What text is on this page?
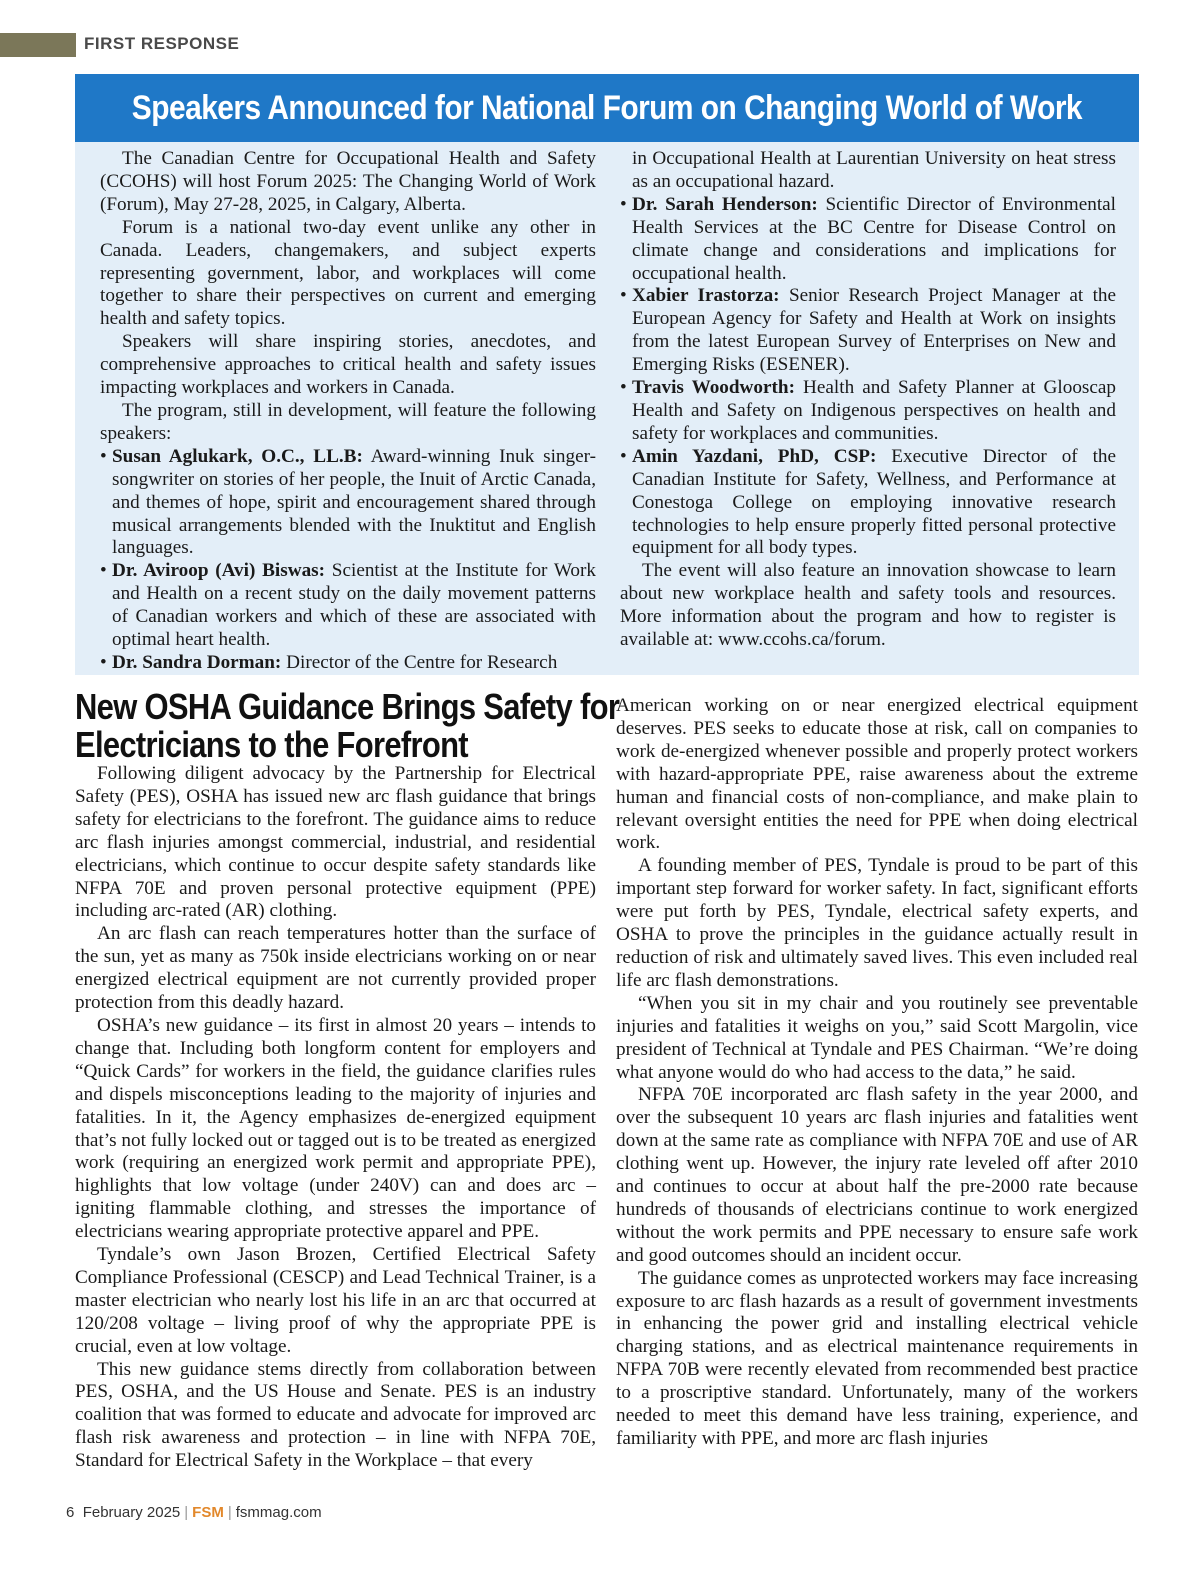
FIRST RESPONSE
Speakers Announced for National Forum on Changing World of Work

The Canadian Centre for Occupational Health and Safety (CCOHS) will host Forum 2025: The Changing World of Work (Forum), May 27-28, 2025, in Calgary, Alberta.

Forum is a national two-day event unlike any other in Canada. Leaders, changemakers, and subject experts representing government, labor, and workplaces will come together to share their perspectives on current and emerging health and safety topics.

Speakers will share inspiring stories, anecdotes, and comprehensive approaches to critical health and safety issues impacting workplaces and workers in Canada.

The program, still in development, will feature the following speakers:

• Susan Aglukark, O.C., LL.B: Award-winning Inuk singer-songwriter on stories of her people, the Inuit of Arctic Canada, and themes of hope, spirit and encouragement shared through musical arrangements blended with the Inuktitut and English languages.
• Dr. Aviroop (Avi) Biswas: Scientist at the Institute for Work and Health on a recent study on the daily movement patterns of Canadian workers and which of these are associated with optimal heart health.
• Dr. Sandra Dorman: Director of the Centre for Research
in Occupational Health at Laurentian University on heat stress as an occupational hazard.
• Dr. Sarah Henderson: Scientific Director of Environmental Health Services at the BC Centre for Disease Control on climate change and considerations and implications for occupational health.
• Xabier Irastorza: Senior Research Project Manager at the European Agency for Safety and Health at Work on insights from the latest European Survey of Enterprises on New and Emerging Risks (ESENER).
• Travis Woodworth: Health and Safety Planner at Glooscap Health and Safety on Indigenous perspectives on health and safety for workplaces and communities.
• Amin Yazdani, PhD, CSP: Executive Director of the Canadian Institute for Safety, Wellness, and Performance at Conestoga College on employing innovative research technologies to help ensure properly fitted personal protective equipment for all body types.

The event will also feature an innovation showcase to learn about new workplace health and safety tools and resources. More information about the program and how to register is available at: www.ccohs.ca/forum.

New OSHA Guidance Brings Safety for
Electricians to the Forefront

Following diligent advocacy by the Partnership for Electrical Safety (PES), OSHA has issued new arc flash guidance that brings safety for electricians to the forefront. The guidance aims to reduce arc flash injuries amongst commercial, industrial, and residential electricians, which continue to occur despite safety standards like NFPA 70E and proven personal protective equipment (PPE) including arc-rated (AR) clothing.

An arc flash can reach temperatures hotter than the surface of the sun, yet as many as 750k inside electricians working on or near energized electrical equipment are not currently provided proper protection from this deadly hazard.

OSHA’s new guidance – its first in almost 20 years – intends to change that. Including both longform content for employers and “Quick Cards” for workers in the field, the guidance clarifies rules and dispels misconceptions leading to the majority of injuries and fatalities. In it, the Agency emphasizes de-energized equipment that’s not fully locked out or tagged out is to be treated as energized work (requiring an energized work permit and appropriate PPE), highlights that low voltage (under 240V) can and does arc – igniting flammable clothing, and stresses the importance of electricians wearing appropriate protective apparel and PPE.

Tyndale’s own Jason Brozen, Certified Electrical Safety Compliance Professional (CESCP) and Lead Technical Trainer, is a master electrician who nearly lost his life in an arc that occurred at 120/208 voltage – living proof of why the appropriate PPE is crucial, even at low voltage.

This new guidance stems directly from collaboration between PES, OSHA, and the US House and Senate. PES is an industry coalition that was formed to educate and advocate for improved arc flash risk awareness and protection – in line with NFPA 70E, Standard for Electrical Safety in the Workplace – that every

American working on or near energized electrical equipment deserves. PES seeks to educate those at risk, call on companies to work de-energized whenever possible and properly protect workers with hazard-appropriate PPE, raise awareness about the extreme human and financial costs of non-compliance, and make plain to relevant oversight entities the need for PPE when doing electrical work.

A founding member of PES, Tyndale is proud to be part of this important step forward for worker safety. In fact, significant efforts were put forth by PES, Tyndale, electrical safety experts, and OSHA to prove the principles in the guidance actually result in reduction of risk and ultimately saved lives. This even included real life arc flash demonstrations.

“When you sit in my chair and you routinely see preventable injuries and fatalities it weighs on you,” said Scott Margolin, vice president of Technical at Tyndale and PES Chairman. “We’re doing what anyone would do who had access to the data,” he said.

NFPA 70E incorporated arc flash safety in the year 2000, and over the subsequent 10 years arc flash injuries and fatalities went down at the same rate as compliance with NFPA 70E and use of AR clothing went up. However, the injury rate leveled off after 2010 and continues to occur at about half the pre-2000 rate because hundreds of thousands of electricians continue to work energized without the work permits and PPE necessary to ensure safe work and good outcomes should an incident occur.

The guidance comes as unprotected workers may face increasing exposure to arc flash hazards as a result of government investments in enhancing the power grid and installing electrical vehicle charging stations, and as electrical maintenance requirements in NFPA 70B were recently elevated from recommended best practice to a proscriptive standard. Unfortunately, many of the workers needed to meet this demand have less training, experience, and familiarity with PPE, and more arc flash injuries

6 February 2025 | FSM | fsmmag.com
